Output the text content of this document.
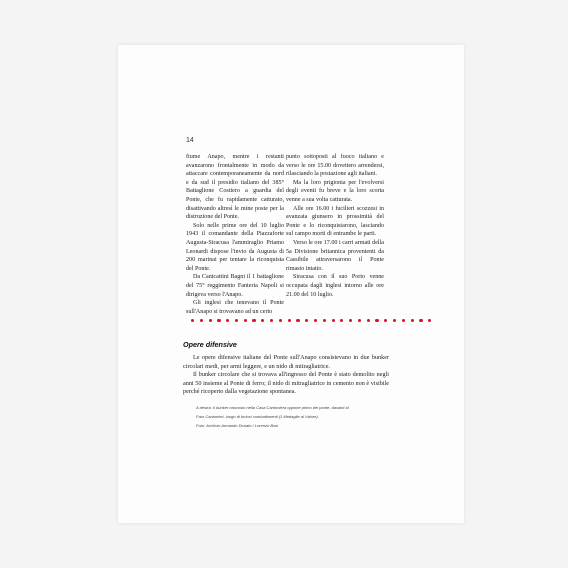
14

fiume Anapo, mentre i restanti avanzarono frontalmente in modo da attaccare contemporaneamente da nord e da sud il presidio italiano del 385° Battaglione Costiero a guardia del Ponte, che fu rapidamente catturato, disattivando altresì le mine poste per la distruzione del Ponte.

Solo nelle prime ore del 10 luglio 1943 il comandante della Piazzaforte Augusta-Siracusa l'ammiraglio Priamo Leonardi dispose l'invio da Augusta di 200 marinai per tentare la riconquista del Ponte.

Da Canicattini Bagni il 1 battaglione del 75° reggimento Fanteria Napoli si dirigeva verso l'Anapo.

Gli inglesi che tenevano il Ponte sull'Anapo si trovavano ad un certo

punto sottoposti al fuoco italiano e verso le ore 15.00 dovettero arrendersi, rilasciando la postazione agli italiani.

Ma la loro prigionia per l'evolversi degli eventi fu breve e la loro scorta venne a sua volta catturata.

Alle ore 16.00 i fucilieri scozzesi in avanzata giunsero in prossimità del Ponte e lo riconquistarono, lasciando sul campo morti di entrambe le parti.

Verso le ore 17.00 i carri armati della 5a Divisione britannica provenienti da Cassibile attraversarono il Ponte rimasto intatto.

Siracusa con il suo Porto venne occupata dagli inglesi intorno alle ore 21.00 del 10 luglio.

Opere difensive

Le opere difensive italiane del Ponte sull'Anapo consistevano in due bunker circolari medi, per armi leggere, e un nido di mitragliatrice.

Il bunker circolare che si trovava all'ingresso del Ponte è stato demolito negli anni 50 insieme al Ponte di ferro; il nido di mitragliatrice in cemento non è visibile perché ricoperto dalla vegetazione spontanea.

A destra: Il bunker nascosto nella Casa Cantoniera oppone primo del ponte, davanti al
Faro Cantonieri, luogo di furiosi combattimenti (1 Medaglie al Valore).
Foto: Archivio Armando Donato / Lorenzo Bosi
